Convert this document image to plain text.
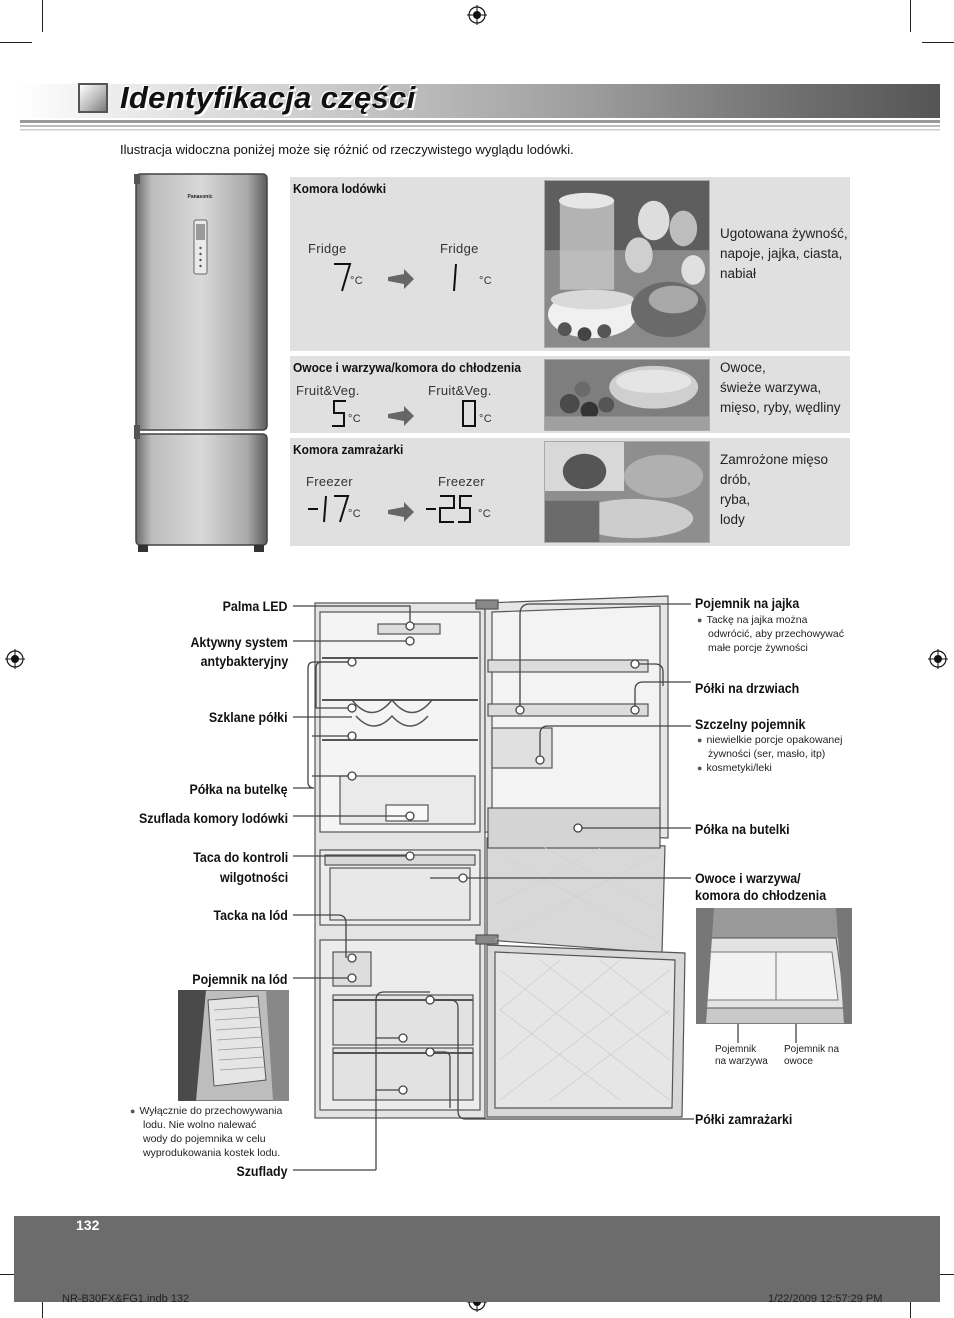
Identyfikacja części
Ilustracja widoczna poniżej może się różnić od rzeczywistego wyglądu lodówki.
Panasonic
Komora lodówki
Fridge	Fridge
°C	°C
Ugotowana żywność,
napoje, jajka, ciasta,
nabiał
Owoce i warzywa/komora do chłodzenia
Fruit&Veg.	Fruit&Veg.
°C	°C
Owoce,
świeże warzywa,
mięso, ryby, wędliny
Komora zamrażarki
Freezer	Freezer
°C	°C
Zamrożone mięso
drób,
ryba,
lody
Palma LED
Aktywny system
antybakteryjny
Szklane półki
Półka na butelkę
Szuflada komory lodówki
Taca do kontroli
wilgotności
Tacka na lód
Pojemnik na lód
● Wyłącznie do przechowywania
lodu. Nie wolno nalewać
wody do pojemnika w celu
wyprodukowania kostek lodu.
Szuflady
Pojemnik na jajka
● Tackę na jajka można
odwrócić, aby przechowywać
małe porcje żywności
Półki na drzwiach
Szczelny pojemnik
● niewielkie porcje opakowanej
żywności (ser, masło, itp)
● kosmetyki/leki
Półka na butelki
Owoce i warzywa/
komora do chłodzenia
Pojemnik
na warzywa
Pojemnik na
owoce
Półki zamrażarki
132
NR-B30FX&FG1.indb 132	1/22/2009 12:57:29 PM
